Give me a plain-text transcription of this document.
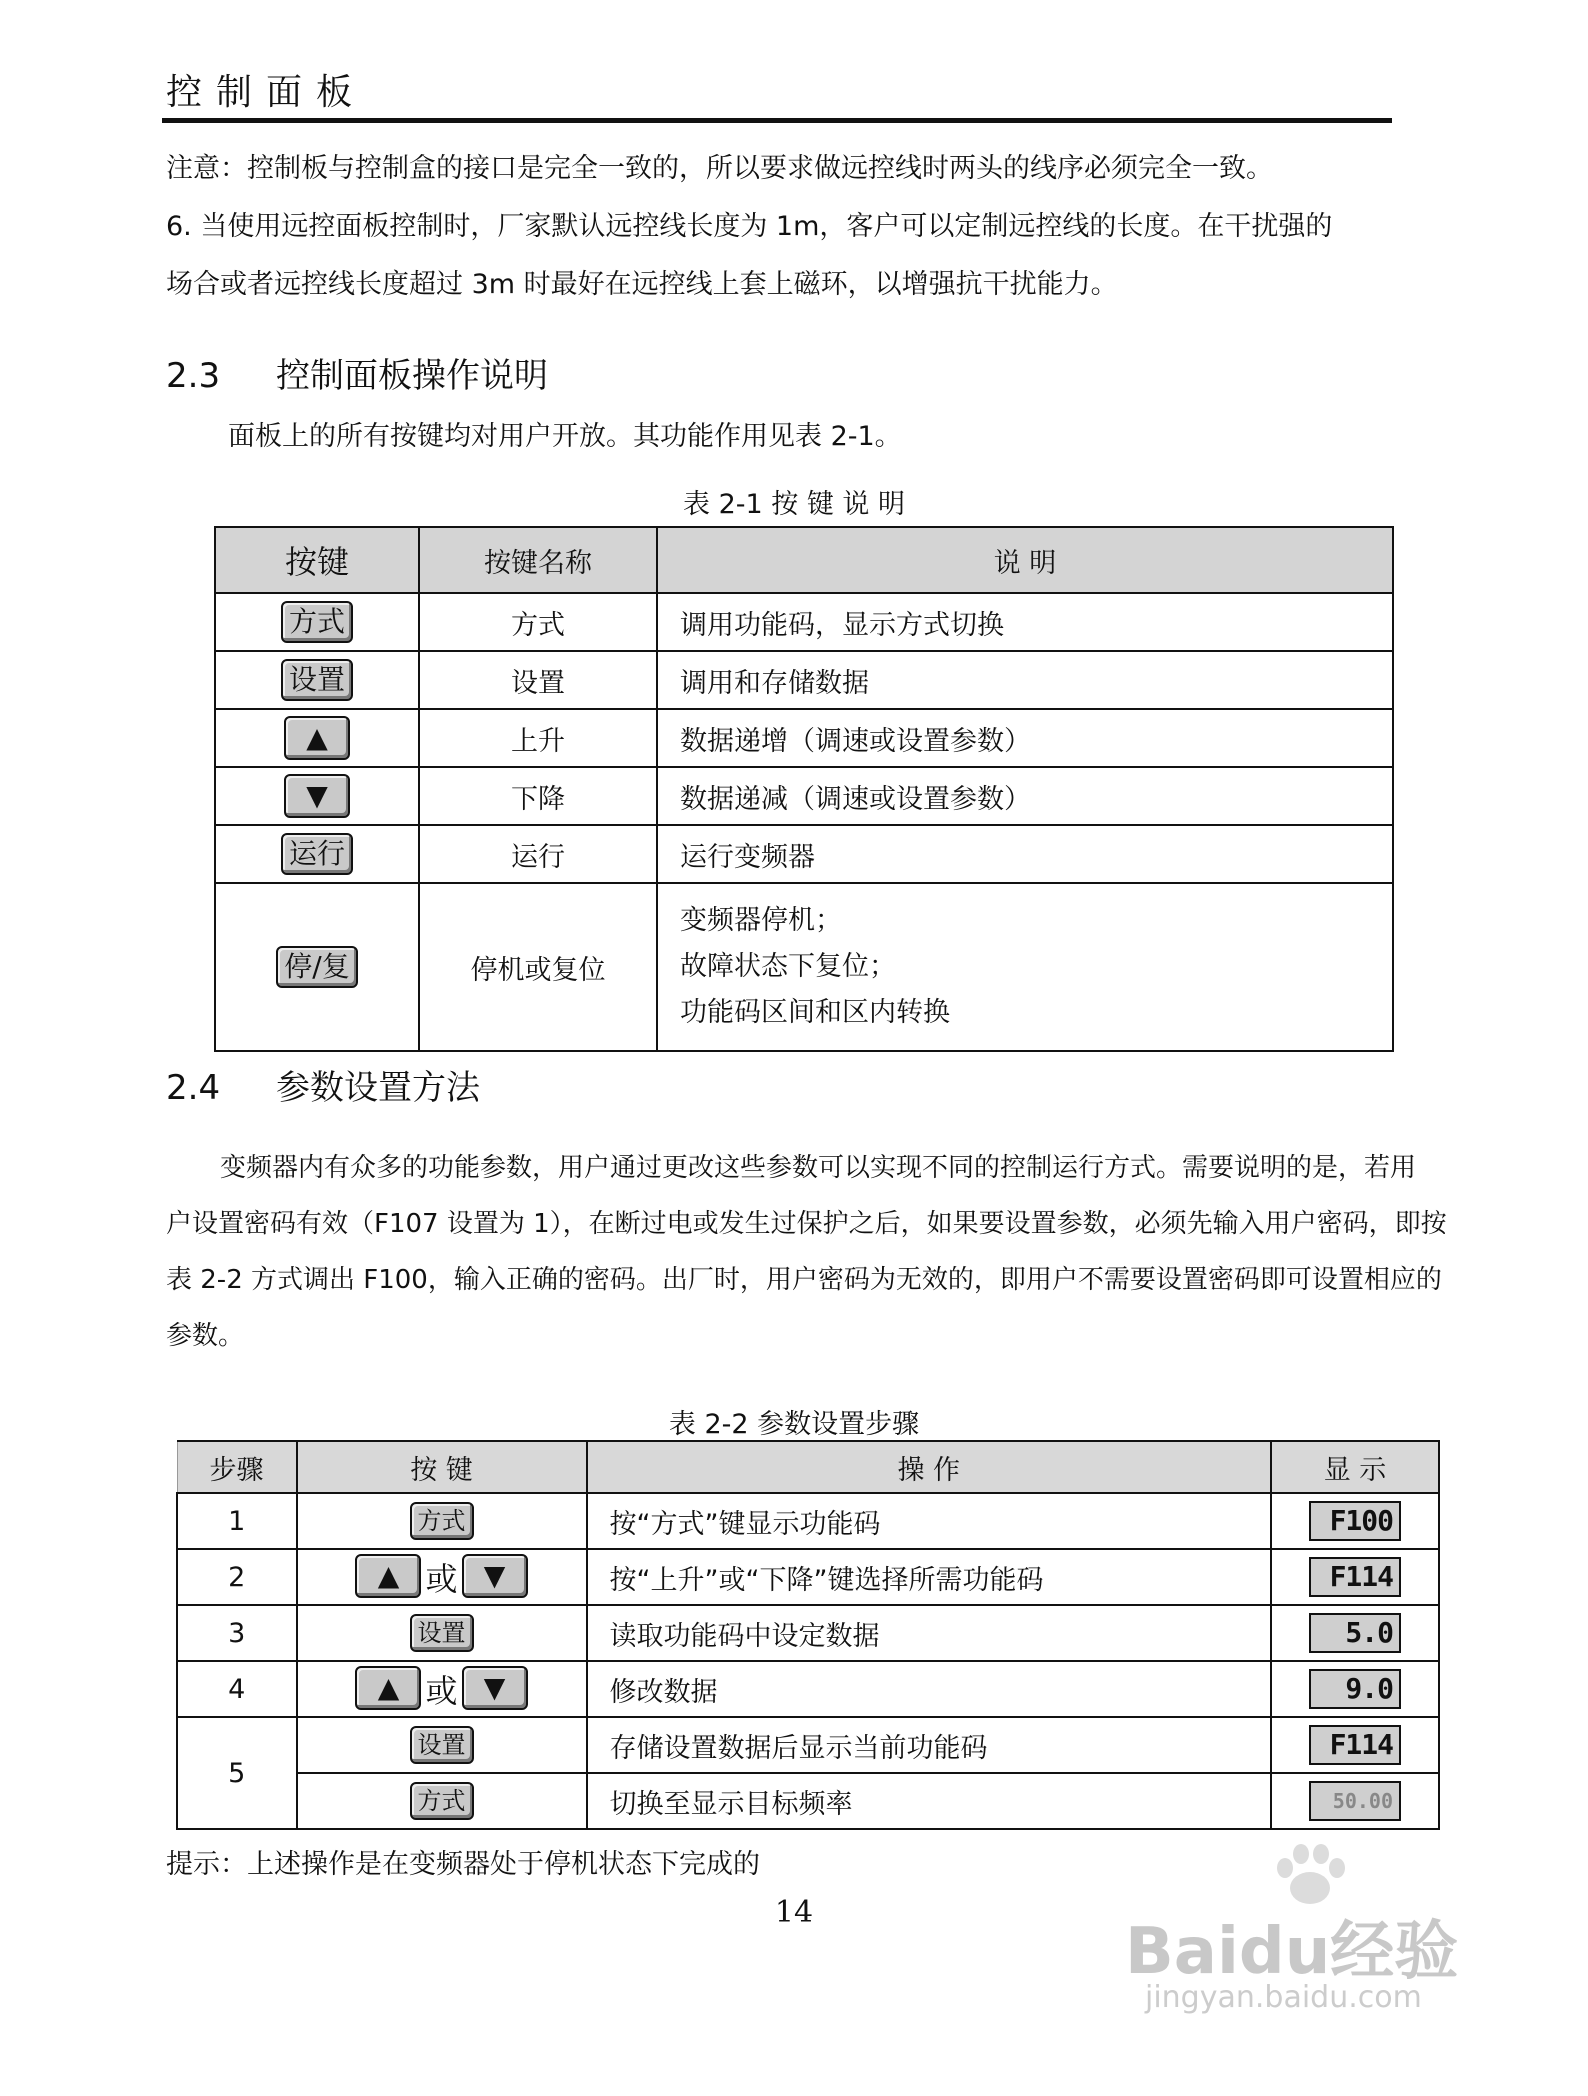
控制面板
注意：控制板与控制盒的接口是完全一致的，所以要求做远控线时两头的线序必须完全一致。
6. 当使用远控面板控制时，厂家默认远控线长度为 1m，客户可以定制远控线的长度。在干扰强的
场合或者远控线长度超过 3m 时最好在远控线上套上磁环，以增强抗干扰能力。
2.3 控制面板操作说明
面板上的所有按键均对用户开放。其功能作用见表 2-1。
表 2-1 按 键 说 明
按键	按键名称	说 明
方式	方式	调用功能码，显示方式切换
设置	设置	调用和存储数据
▲	上升	数据递增（调速或设置参数）
▼	下降	数据递减（调速或设置参数）
运行	运行	运行变频器
停/复	停机或复位	变频器停机；
故障状态下复位；
功能码区间和区内转换
2.4 参数设置方法
变频器内有众多的功能参数，用户通过更改这些参数可以实现不同的控制运行方式。需要说明的是，若用
户设置密码有效（F107 设置为 1），在断过电或发生过保护之后，如果要设置参数，必须先输入用户密码，即按
表 2-2 方式调出 F100，输入正确的密码。出厂时，用户密码为无效的，即用户不需要设置密码即可设置相应的
参数。
表 2-2 参数设置步骤
步骤	按 键	操 作	显 示
1	方式	按“方式”键显示功能码	F100
2	▲ 或 ▼	按“上升”或“下降”键选择所需功能码	F114
3	设置	读取功能码中设定数据	5.0
4	▲ 或 ▼	修改数据	9.0
5	设置	存储设置数据后显示当前功能码	F114
	方式	切换至显示目标频率	50.00
提示：上述操作是在变频器处于停机状态下完成的
14
Baidu经验
jingyan.baidu.com
